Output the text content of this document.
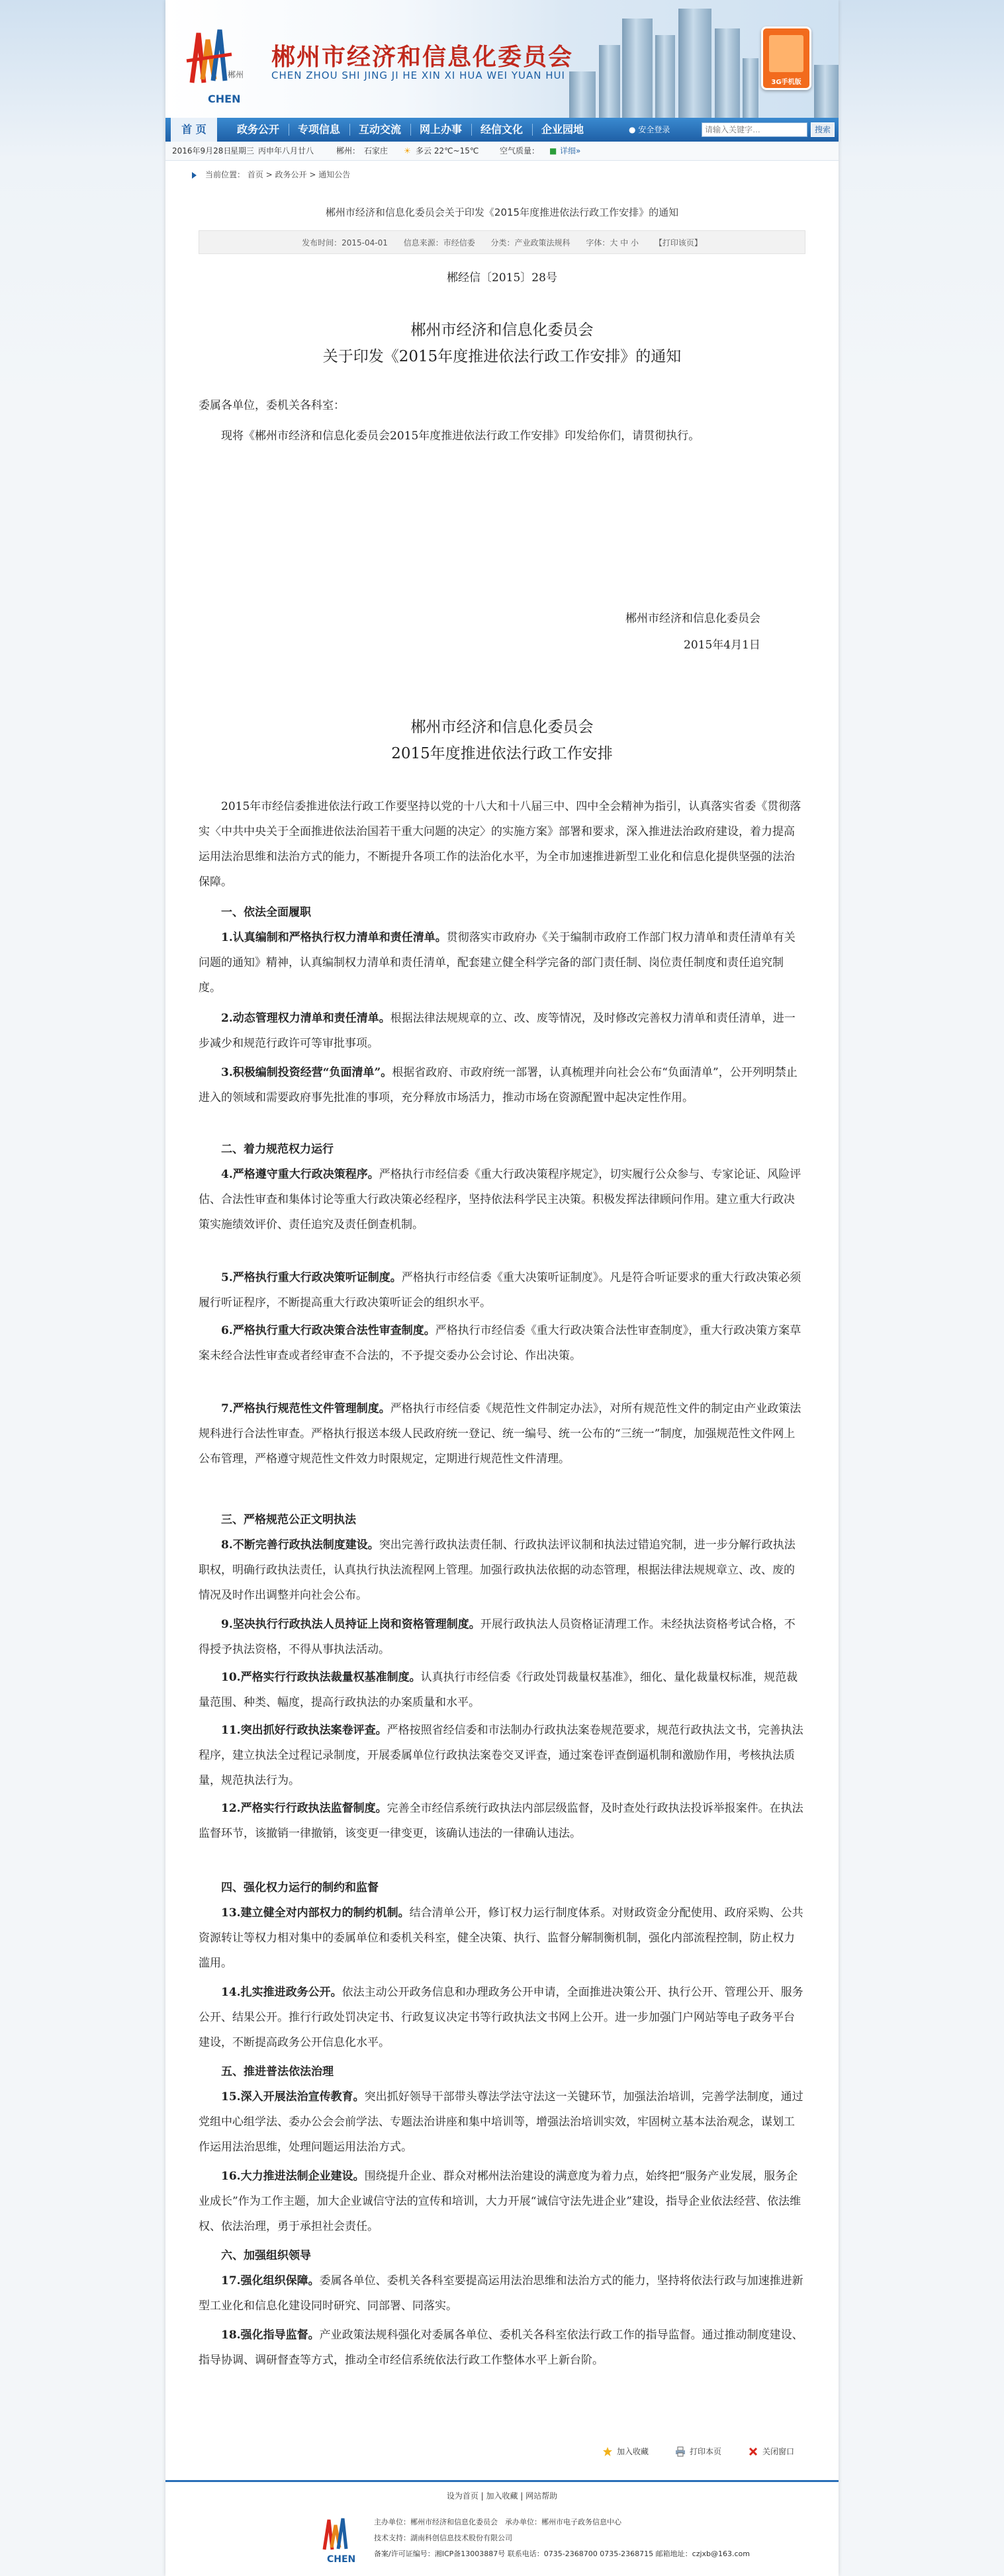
郴州
CHEN
郴州市经济和信息化委员会
CHEN ZHOU SHI JING JI HE XIN XI HUA WEI YUAN HUI
3G手机版
首 页	政务公开	专项信息	互动交流	网上办事	经信文化	企业园地	● 安全登录
请输入关键字…	搜索
2016年9月28日
星期三 丙申年八月廿八	郴州： 石家庄 ☀ 多云 22℃~15℃	空气质量： ■ 详细»
当前位置： 首页 > 政务公开 > 通知公告
郴州市经济和信息化委员会关于印发《2015年度推进依法行政工作安排》的通知
发布时间：2015-04-01 信息来源：市经信委 分类：产业政策法规科 字体：大 中 小 【打印该页】
郴经信〔2015〕28号
郴州市经济和信息化委员会
关于印发《2015年度推进依法行政工作安排》的通知
委属各单位，委机关各科室：
现将《郴州市经济和信息化委员会2015年度推进依法行政工作安排》印发给你们，请贯彻执行。
郴州市经济和信息化委员会
2015年4月1日
郴州市经济和信息化委员会
2015年度推进依法行政工作安排
2015年市经信委推进依法行政工作要坚持以党的十八大和十八届三中、四中全会精神为指引，认真落实省委《贯彻落实〈中共中央关于全面推进依法治国若干重大问题的决定〉的实施方案》部署和要求，深入推进法治政府建设，着力提高运用法治思维和法治方式的能力，不断提升各项工作的法治化水平，为全市加速推进新型工业化和信息化提供坚强的法治保障。
一、依法全面履职
1.认真编制和严格执行权力清单和责任清单。贯彻落实市政府办《关于编制市政府工作部门权力清单和责任清单有关问题的通知》精神，认真编制权力清单和责任清单，配套建立健全科学完备的部门责任制、岗位责任制度和责任追究制度。
2.动态管理权力清单和责任清单。根据法律法规规章的立、改、废等情况，及时修改完善权力清单和责任清单，进一步减少和规范行政许可等审批事项。
3.积极编制投资经营“负面清单”。根据省政府、市政府统一部署，认真梳理并向社会公布“负面清单”，公开列明禁止进入的领域和需要政府事先批准的事项，充分释放市场活力，推动市场在资源配置中起决定性作用。
二、着力规范权力运行
4.严格遵守重大行政决策程序。严格执行市经信委《重大行政决策程序规定》，切实履行公众参与、专家论证、风险评估、合法性审查和集体讨论等重大行政决策必经程序，坚持依法科学民主决策。积极发挥法律顾问作用。建立重大行政决策实施绩效评价、责任追究及责任倒查机制。
5.严格执行重大行政决策听证制度。严格执行市经信委《重大决策听证制度》。凡是符合听证要求的重大行政决策必须履行听证程序，不断提高重大行政决策听证会的组织水平。
6.严格执行重大行政决策合法性审查制度。严格执行市经信委《重大行政决策合法性审查制度》，重大行政决策方案草案未经合法性审查或者经审查不合法的，不予提交委办公会讨论、作出决策。
7.严格执行规范性文件管理制度。严格执行市经信委《规范性文件制定办法》，对所有规范性文件的制定由产业政策法规科进行合法性审查。严格执行报送本级人民政府统一登记、统一编号、统一公布的“三统一”制度，加强规范性文件网上公布管理，严格遵守规范性文件效力时限规定，定期进行规范性文件清理。
三、严格规范公正文明执法
8.不断完善行政执法制度建设。突出完善行政执法责任制、行政执法评议制和执法过错追究制，进一步分解行政执法职权，明确行政执法责任，认真执行执法流程网上管理。加强行政执法依据的动态管理，根据法律法规规章立、改、废的情况及时作出调整并向社会公布。
9.坚决执行行政执法人员持证上岗和资格管理制度。开展行政执法人员资格证清理工作。未经执法资格考试合格，不得授予执法资格，不得从事执法活动。
10.严格实行行政执法裁量权基准制度。认真执行市经信委《行政处罚裁量权基准》，细化、量化裁量权标准，规范裁量范围、种类、幅度，提高行政执法的办案质量和水平。
11.突出抓好行政执法案卷评查。严格按照省经信委和市法制办行政执法案卷规范要求，规范行政执法文书，完善执法程序，建立执法全过程记录制度，开展委属单位行政执法案卷交叉评查，通过案卷评查倒逼机制和激励作用，考核执法质量，规范执法行为。
12.严格实行行政执法监督制度。完善全市经信系统行政执法内部层级监督，及时查处行政执法投诉举报案件。在执法监督环节，该撤销一律撤销，该变更一律变更，该确认违法的一律确认违法。
四、强化权力运行的制约和监督
13.建立健全对内部权力的制约机制。结合清单公开，修订权力运行制度体系。对财政资金分配使用、政府采购、公共资源转让等权力相对集中的委属单位和委机关科室，健全决策、执行、监督分解制衡机制，强化内部流程控制，防止权力滥用。
14.扎实推进政务公开。依法主动公开政务信息和办理政务公开申请，全面推进决策公开、执行公开、管理公开、服务公开、结果公开。推行行政处罚决定书、行政复议决定书等行政执法文书网上公开。进一步加强门户网站等电子政务平台建设，不断提高政务公开信息化水平。
五、推进普法依法治理
15.深入开展法治宣传教育。突出抓好领导干部带头尊法学法守法这一关键环节，加强法治培训，完善学法制度，通过党组中心组学法、委办公会会前学法、专题法治讲座和集中培训等，增强法治培训实效，牢固树立基本法治观念，谋划工作运用法治思维，处理问题运用法治方式。
16.大力推进法制企业建设。围绕提升企业、群众对郴州法治建设的满意度为着力点，始终把“服务产业发展，服务企业成长”作为工作主题，加大企业诚信守法的宣传和培训，大力开展“诚信守法先进企业”建设，指导企业依法经营、依法维权、依法治理，勇于承担社会责任。
六、加强组织领导
17.强化组织保障。委属各单位、委机关各科室要提高运用法治思维和法治方式的能力，坚持将依法行政与加速推进新型工业化和信息化建设同时研究、同部署、同落实。
18.强化指导监督。产业政策法规科强化对委属各单位、委机关各科室依法行政工作的指导监督。通过推动制度建设、指导协调、调研督查等方式，推动全市经信系统依法行政工作整体水平上新台阶。
加入收藏	打印本页	关闭窗口
设为首页 | 加入收藏 | 网站帮助
CHEN
主办单位：郴州市经济和信息化委员会　承办单位：郴州市电子政务信息中心
技术支持：湖南科创信息技术股份有限公司
备案/许可证编号：湘ICP备13003887号 联系电话：0735-2368700 0735-2368715 邮箱地址：czjxb@163.com
